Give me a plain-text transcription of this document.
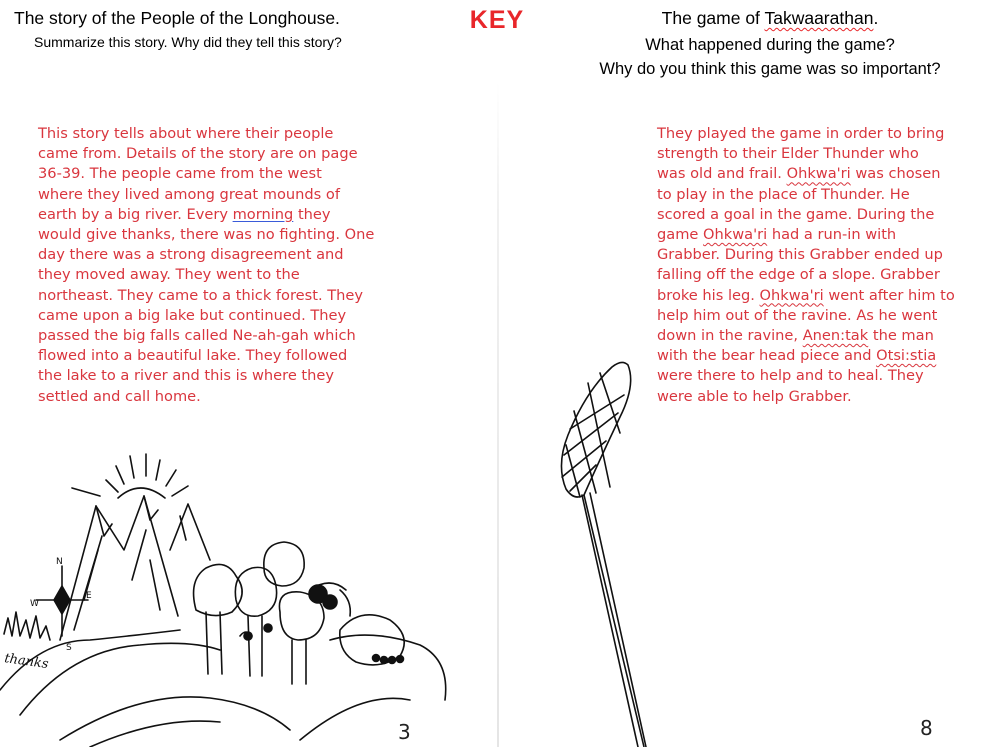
The story of the People of the Longhouse.
Summarize this story. Why did they tell this story?
KEY	The game of Takwaarathan.
What happened during the game?
Why do you think this game was so important?
This story tells about where their people
came from. Details of the story are on page
36-39. The people came from the west
where they lived among great mounds of
earth by a big river. Every morning they
would give thanks, there was no fighting. One
day there was a strong disagreement and
they moved away. They went to the
northeast. They came to a thick forest. They
came upon a big lake but continued. They
passed the big falls called Ne-ah-gah which
flowed into a beautiful lake. They followed
the lake to a river and this is where they
settled and call home.
They played the game in order to bring
strength to their Elder Thunder who
was old and frail. Ohkwa'ri was chosen
to play in the place of Thunder. He
scored a goal in the game. During the
game Ohkwa'ri had a run-in with
Grabber. During this Grabber ended up
falling off the edge of a slope. Grabber
broke his leg. Ohkwa'ri went after him to
help him out of the ravine. As he went
down in the ravine, Anen:tak the man
with the bear head piece and Otsi:stia
were there to help and to heal. They
were able to help Grabber.
N
E
W
S
thanks
3	8
